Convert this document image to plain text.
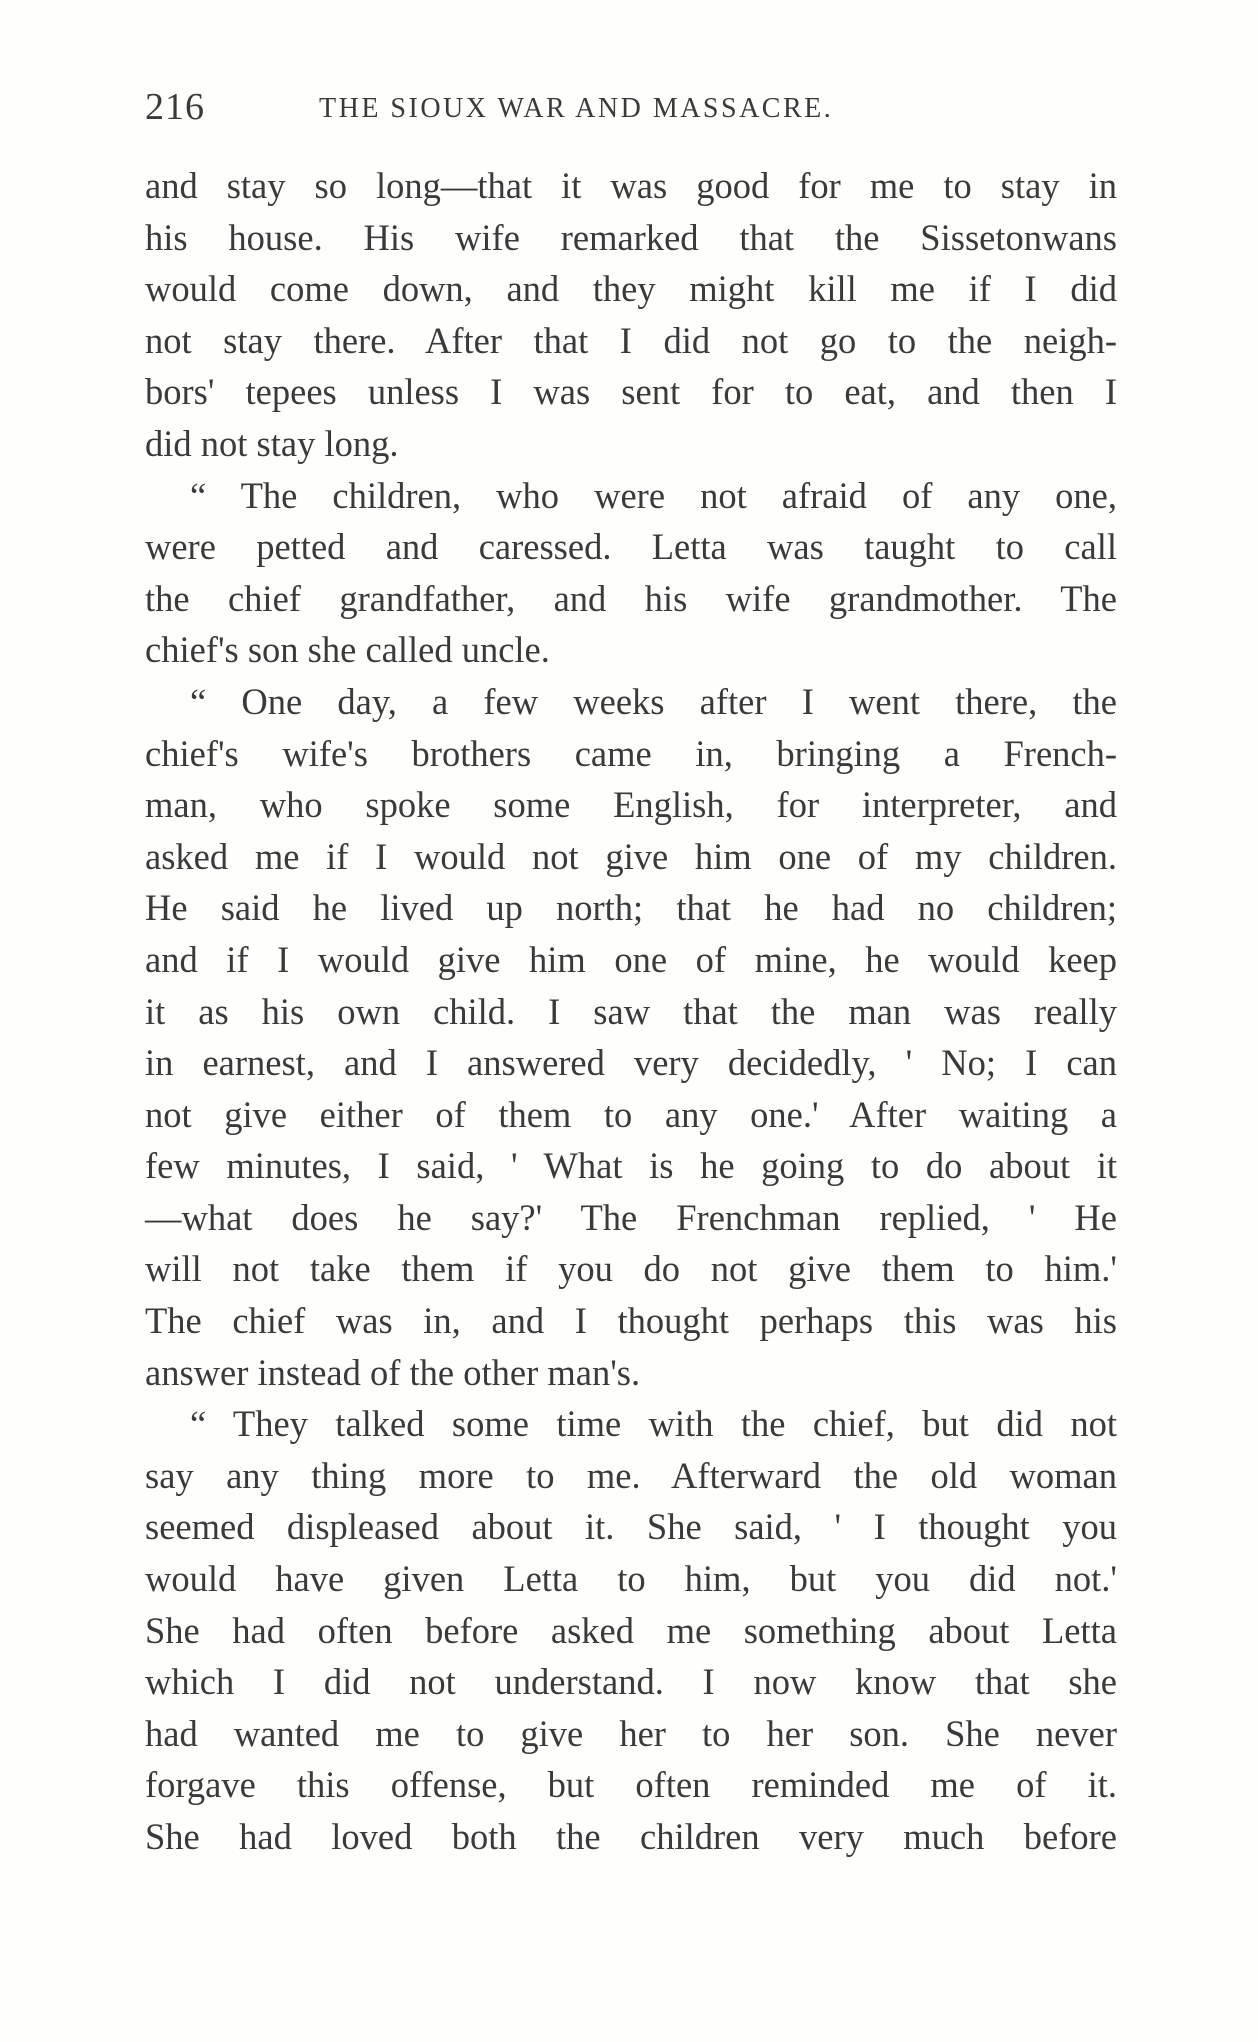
216	THE SIOUX WAR AND MASSACRE.
and stay so long—that it was good for me to stay in
his house. His wife remarked that the Sissetonwans
would come down, and they might kill me if I did
not stay there. After that I did not go to the neigh-
bors' tepees unless I was sent for to eat, and then I
did not stay long.
“ The children, who were not afraid of any one,
were petted and caressed. Letta was taught to call
the chief grandfather, and his wife grandmother. The
chief's son she called uncle.
“ One day, a few weeks after I went there, the
chief's wife's brothers came in, bringing a French-
man, who spoke some English, for interpreter, and
asked me if I would not give him one of my children.
He said he lived up north; that he had no children;
and if I would give him one of mine, he would keep
it as his own child. I saw that the man was really
in earnest, and I answered very decidedly, ' No; I can
not give either of them to any one.' After waiting a
few minutes, I said, ' What is he going to do about it
—what does he say?' The Frenchman replied, ' He
will not take them if you do not give them to him.'
The chief was in, and I thought perhaps this was his
answer instead of the other man's.
“ They talked some time with the chief, but did not
say any thing more to me. Afterward the old woman
seemed displeased about it. She said, ' I thought you
would have given Letta to him, but you did not.'
She had often before asked me something about Letta
which I did not understand. I now know that she
had wanted me to give her to her son. She never
forgave this offense, but often reminded me of it.
She had loved both the children very much before
